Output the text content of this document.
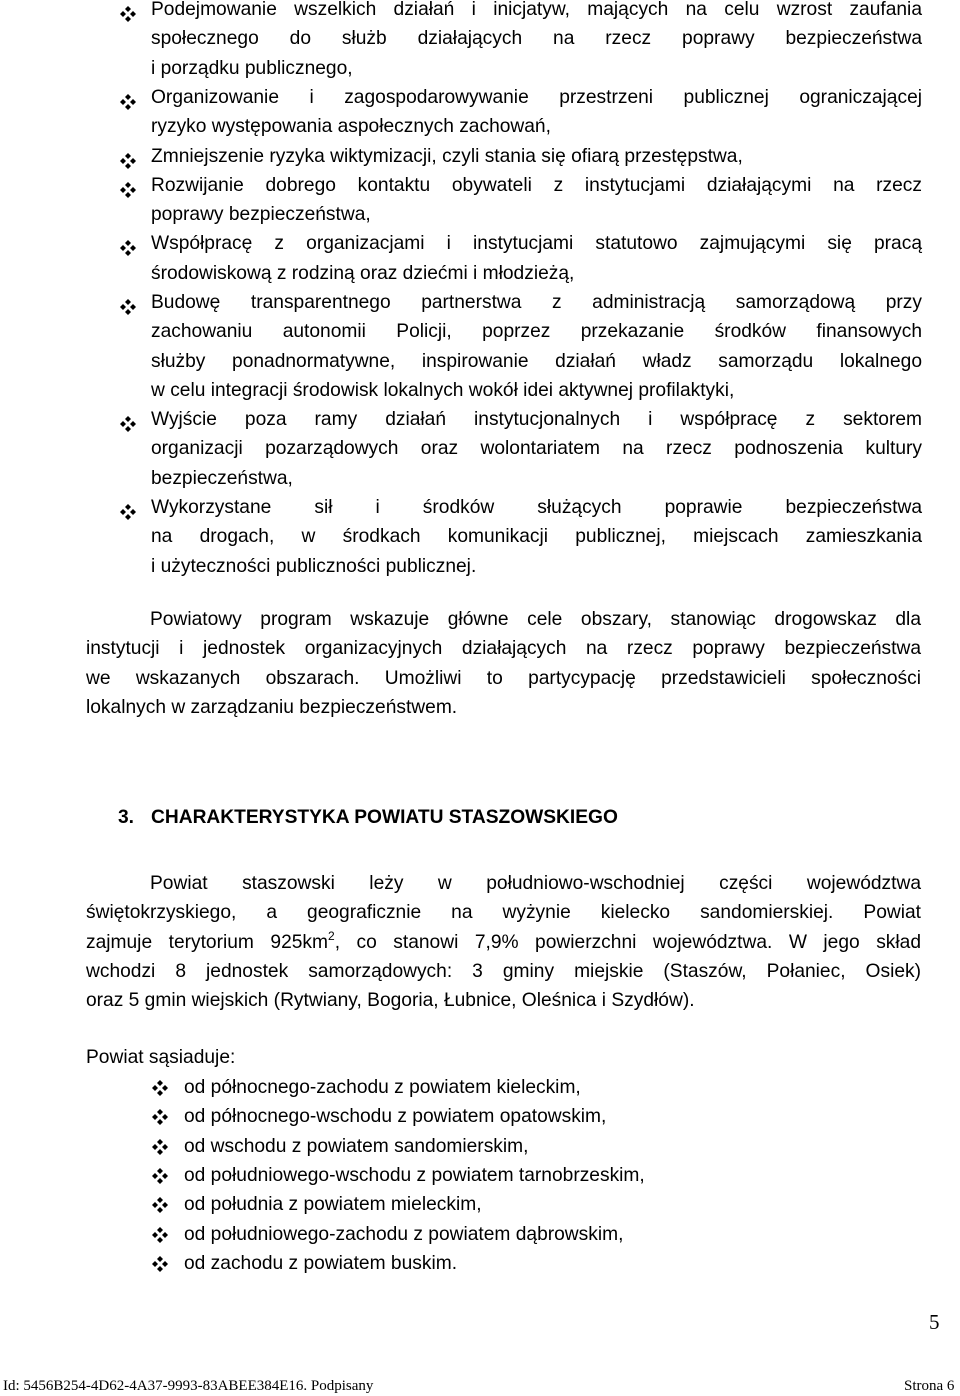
Podejmowanie wszelkich działań i inicjatyw, mających na celu wzrost zaufania
społecznego do służb działających na rzecz poprawy bezpieczeństwa
i porządku publicznego,
Organizowanie i zagospodarowywanie przestrzeni publicznej ograniczającej
ryzyko występowania aspołecznych zachowań,
Zmniejszenie ryzyka wiktymizacji, czyli stania się ofiarą przestępstwa,
Rozwijanie dobrego kontaktu obywateli z instytucjami działającymi na rzecz
poprawy bezpieczeństwa,
Współpracę z organizacjami i instytucjami statutowo zajmującymi się pracą
środowiskową z rodziną oraz dziećmi i młodzieżą,
Budowę transparentnego partnerstwa z administracją samorządową przy
zachowaniu autonomii Policji, poprzez przekazanie środków finansowych
służby ponadnormatywne, inspirowanie działań władz samorządu lokalnego
w celu integracji środowisk lokalnych wokół idei aktywnej profilaktyki,
Wyjście poza ramy działań instytucjonalnych i współpracę z sektorem
organizacji pozarządowych oraz wolontariatem na rzecz podnoszenia kultury
bezpieczeństwa,
Wykorzystane sił i środków służących poprawie bezpieczeństwa
na drogach, w środkach komunikacji publicznej, miejscach zamieszkania
i użyteczności publiczności publicznej.
Powiatowy program wskazuje główne cele obszary, stanowiąc drogowskaz dla
instytucji i jednostek organizacyjnych działających na rzecz poprawy bezpieczeństwa
we wskazanych obszarach. Umożliwi to partycypację przedstawicieli społeczności
lokalnych w zarządzaniu bezpieczeństwem.
3. CHARAKTERYSTYKA POWIATU STASZOWSKIEGO
Powiat staszowski leży w południowo-wschodniej części województwa
świętokrzyskiego, a geograficznie na wyżynie kielecko sandomierskiej. Powiat
zajmuje terytorium $925km^2$, co stanowi 7,9% powierzchni województwa. W jego skład
wchodzi 8 jednostek samorządowych: 3 gminy miejskie (Staszów, Połaniec, Osiek)
oraz 5 gmin wiejskich (Rytwiany, Bogoria, Łubnice, Oleśnica i Szydłów).
Powiat sąsiaduje:
od północnego-zachodu z powiatem kieleckim,
od północnego-wschodu z powiatem opatowskim,
od wschodu z powiatem sandomierskim,
od południowego-wschodu z powiatem tarnobrzeskim,
od południa z powiatem mieleckim,
od południowego-zachodu z powiatem dąbrowskim,
od zachodu z powiatem buskim.
5
Id: 5456B254-4D62-4A37-9993-83ABEE384E16. Podpisany	Strona 6
